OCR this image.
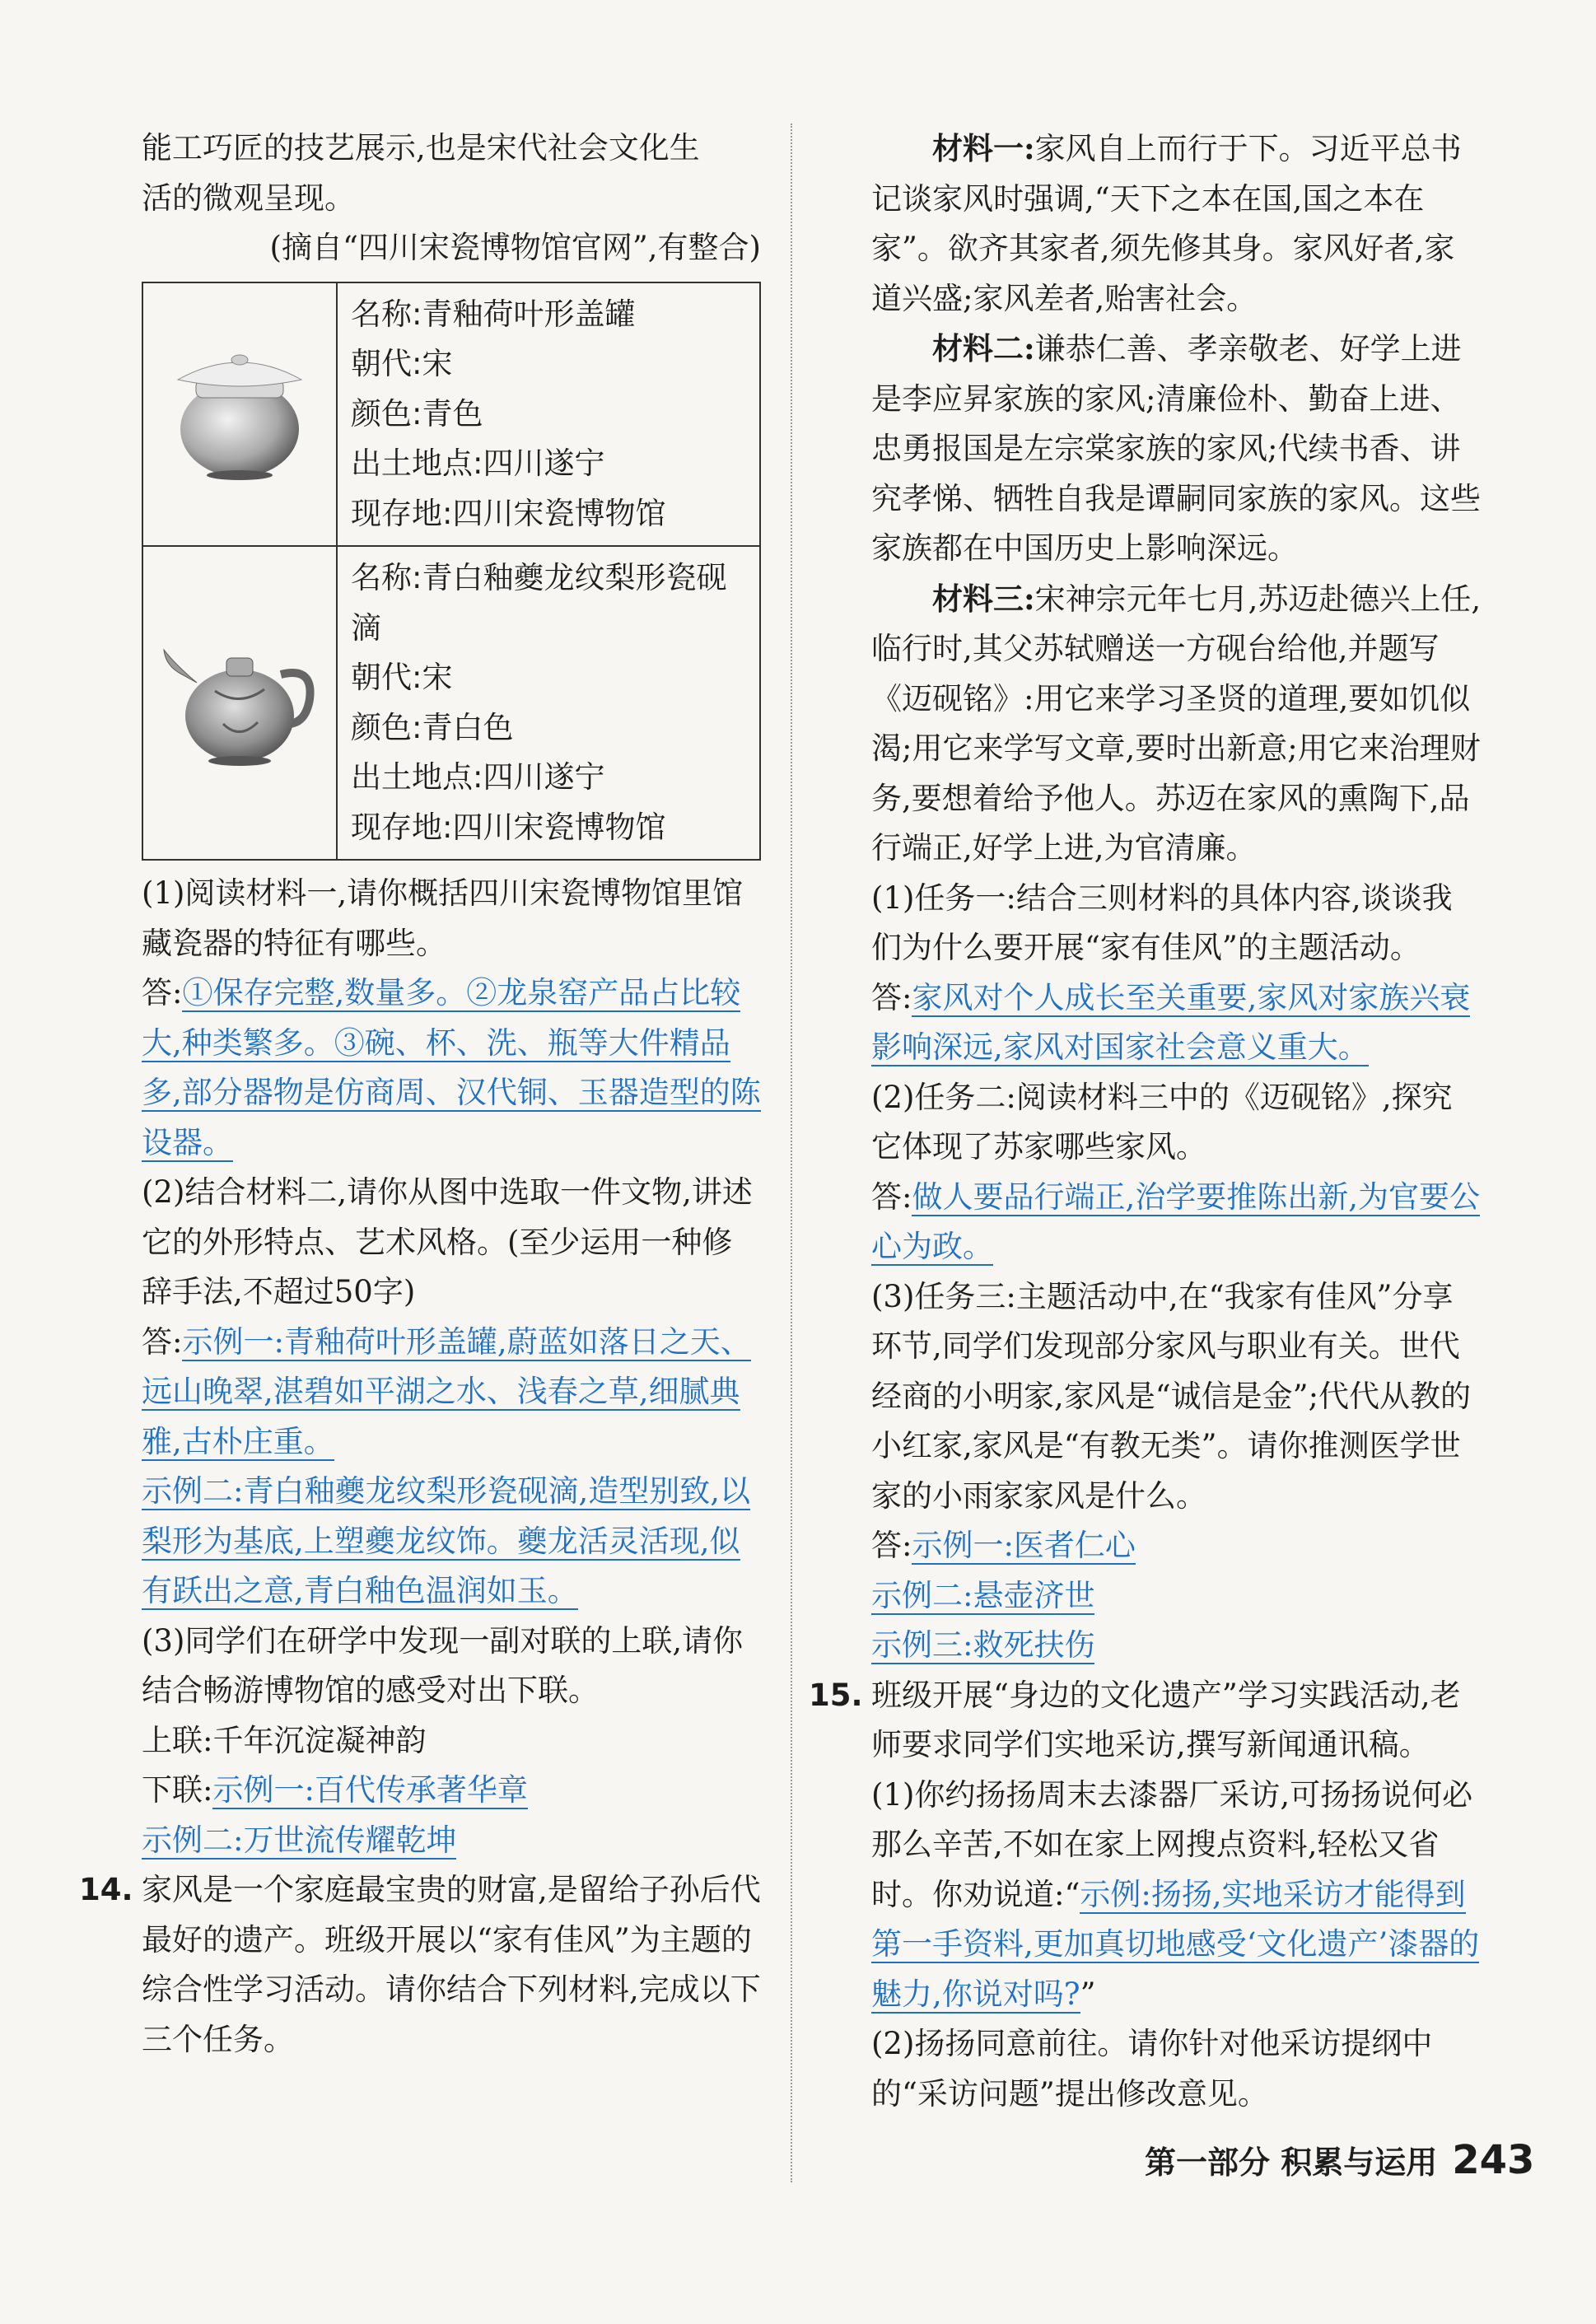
能工巧匠的技艺展示,也是宋代社会文化生

活的微观呈现。

(摘自“四川宋瓷博物馆官网”,有整合)

名称:青釉荷叶形盖罐
朝代:宋
颜色:青色
出土地点:四川遂宁
现存地:四川宋瓷博物馆

名称:青白釉夔龙纹梨形瓷砚滴
朝代:宋
颜色:青白色
出土地点:四川遂宁
现存地:四川宋瓷博物馆

(1)阅读材料一,请你概括四川宋瓷博物馆里馆藏瓷器的特征有哪些。

答:①保存完整,数量多。②龙泉窑产品占比较大,种类繁多。③碗、杯、洗、瓶等大件精品多,部分器物是仿商周、汉代铜、玉器造型的陈设器。

(2)结合材料二,请你从图中选取一件文物,讲述它的外形特点、艺术风格。(至少运用一种修辞手法,不超过50字)

答:示例一:青釉荷叶形盖罐,蔚蓝如落日之天、远山晚翠,湛碧如平湖之水、浅春之草,细腻典雅,古朴庄重。

示例二:青白釉夔龙纹梨形瓷砚滴,造型别致,以梨形为基底,上塑夔龙纹饰。夔龙活灵活现,似有跃出之意,青白釉色温润如玉。

(3)同学们在研学中发现一副对联的上联,请你结合畅游博物馆的感受对出下联。

上联:千年沉淀凝神韵

下联:示例一:百代传承著华章

示例二:万世流传耀乾坤

14. 家风是一个家庭最宝贵的财富,是留给子孙后代最好的遗产。班级开展以“家有佳风”为主题的综合性学习活动。请你结合下列材料,完成以下三个任务。

材料一:家风自上而行于下。习近平总书记谈家风时强调,“天下之本在国,国之本在家”。欲齐其家者,须先修其身。家风好者,家道兴盛;家风差者,贻害社会。

材料二:谦恭仁善、孝亲敬老、好学上进是李应昇家族的家风;清廉俭朴、勤奋上进、忠勇报国是左宗棠家族的家风;代续书香、讲究孝悌、牺牲自我是谭嗣同家族的家风。这些家族都在中国历史上影响深远。

材料三:宋神宗元年七月,苏迈赴德兴上任,临行时,其父苏轼赠送一方砚台给他,并题写《迈砚铭》:用它来学习圣贤的道理,要如饥似渴;用它来学写文章,要时出新意;用它来治理财务,要想着给予他人。苏迈在家风的熏陶下,品行端正,好学上进,为官清廉。

(1)任务一:结合三则材料的具体内容,谈谈我们为什么要开展“家有佳风”的主题活动。

答:家风对个人成长至关重要,家风对家族兴衰影响深远,家风对国家社会意义重大。

(2)任务二:阅读材料三中的《迈砚铭》,探究它体现了苏家哪些家风。

答:做人要品行端正,治学要推陈出新,为官要公心为政。

(3)任务三:主题活动中,在“我家有佳风”分享环节,同学们发现部分家风与职业有关。世代经商的小明家,家风是“诚信是金”;代代从教的小红家,家风是“有教无类”。请你推测医学世家的小雨家家风是什么。

答:示例一:医者仁心

示例二:悬壶济世

示例三:救死扶伤

15. 班级开展“身边的文化遗产”学习实践活动,老师要求同学们实地采访,撰写新闻通讯稿。

(1)你约扬扬周末去漆器厂采访,可扬扬说何必那么辛苦,不如在家上网搜点资料,轻松又省时。你劝说道:“示例:扬扬,实地采访才能得到第一手资料,更加真切地感受‘文化遗产’漆器的魅力,你说对吗?”

(2)扬扬同意前往。请你针对他采访提纲中的“采访问题”提出修改意见。

第一部分 积累与运用 243
